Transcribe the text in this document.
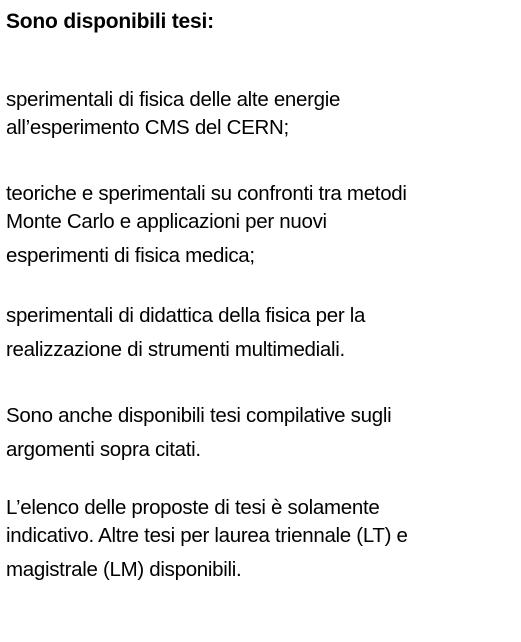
Sono disponibili tesi:
sperimentali di fisica delle alte energie
all’esperimento CMS del CERN;
teoriche e sperimentali su confronti tra metodi
Monte Carlo e applicazioni per nuovi
esperimenti di fisica medica;
sperimentali di didattica della fisica per la
realizzazione di strumenti multimediali.
Sono anche disponibili tesi compilative sugli
argomenti sopra citati.
L’elenco delle proposte di tesi è solamente
indicativo. Altre tesi per laurea triennale (LT) e
magistrale (LM) disponibili.
